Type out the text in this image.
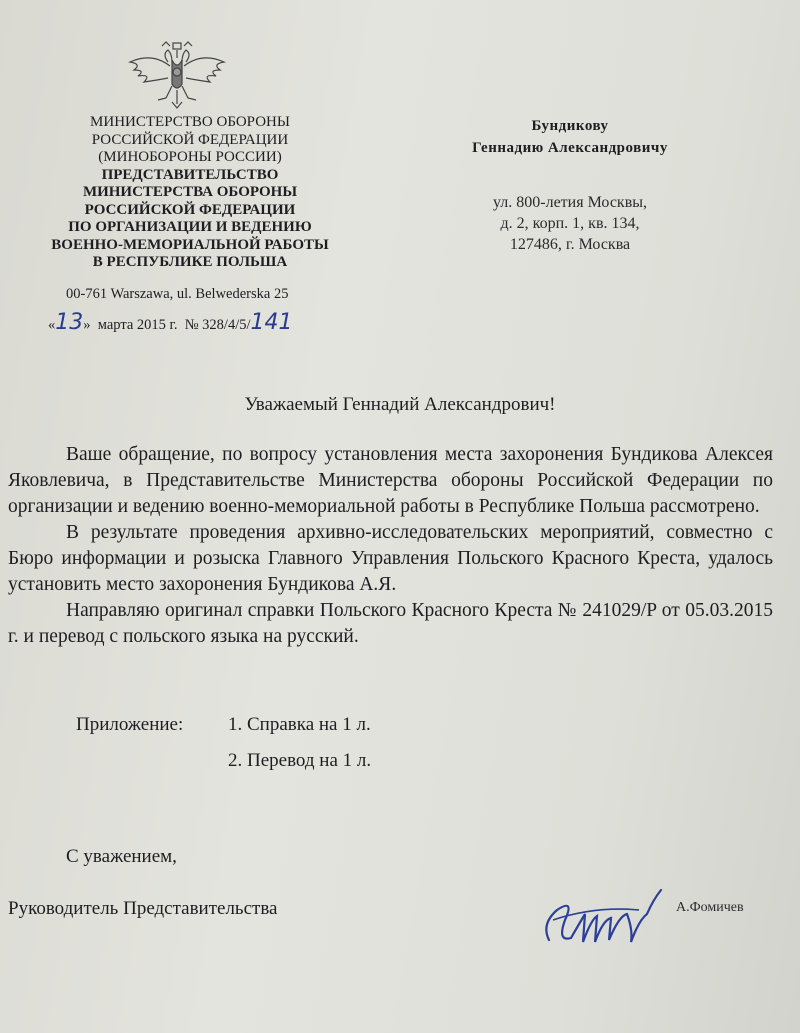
МИНИСТЕРСТВО ОБОРОНЫ
РОССИЙСКОЙ ФЕДЕРАЦИИ
(МИНОБОРОНЫ РОССИИ)
ПРЕДСТАВИТЕЛЬСТВО
МИНИСТЕРСТВА ОБОРОНЫ
РОССИЙСКОЙ ФЕДЕРАЦИИ
ПО ОРГАНИЗАЦИИ И ВЕДЕНИЮ
ВОЕННО-МЕМОРИАЛЬНОЙ РАБОТЫ
В РЕСПУБЛИКЕ ПОЛЬША
00-761 Warszawa, ul. Belwederska 25
«13» марта 2015 г. № 328/4/5/141
Бундикову
Геннадию Александровичу
ул. 800-летия Москвы,
д. 2, корп. 1, кв. 134,
127486, г. Москва
Уважаемый Геннадий Александрович!

Ваше обращение, по вопросу установления места захоронения Бундикова Алексея Яковлевича, в Представительстве Министерства обороны Российской Федерации по организации и ведению военно-мемориальной работы в Республике Польша рассмотрено.

В результате проведения архивно-исследовательских мероприятий, совместно с Бюро информации и розыска Главного Управления Польского Красного Креста, удалось установить место захоронения Бундикова А.Я.

Направляю оригинал справки Польского Красного Креста № 241029/P от 05.03.2015 г. и перевод с польского языка на русский.

Приложение: 1. Справка на 1 л.
2. Перевод на 1 л.
С уважением,
Руководитель Представительства	А.Фомичев
